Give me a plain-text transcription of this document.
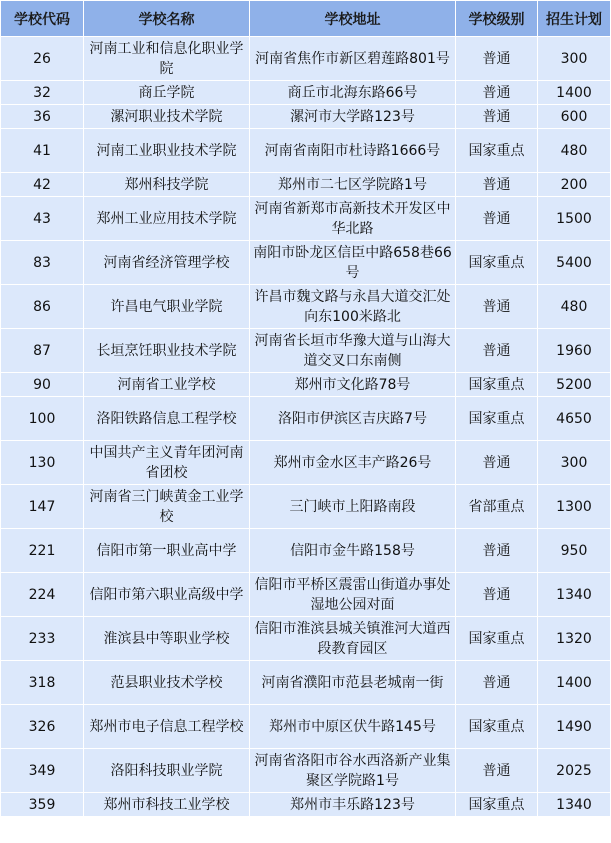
学校代码	学校名称	学校地址	学校级别	招生计划
26	河南工业和信息化职业学院	河南省焦作市新区碧莲路801号	普通	300
32	商丘学院	商丘市北海东路66号	普通	1400
36	漯河职业技术学院	漯河市大学路123号	普通	600
41	河南工业职业技术学院	河南省南阳市杜诗路1666号	国家重点	480
42	郑州科技学院	郑州市二七区学院路1号	普通	200
43	郑州工业应用技术学院	河南省新郑市高新技术开发区中华北路	普通	1500
83	河南省经济管理学校	南阳市卧龙区信臣中路658巷66号	国家重点	5400
86	许昌电气职业学院	许昌市魏文路与永昌大道交汇处向东100米路北	普通	480
87	长垣烹饪职业技术学院	河南省长垣市华豫大道与山海大道交叉口东南侧	普通	1960
90	河南省工业学校	郑州市文化路78号	国家重点	5200
100	洛阳铁路信息工程学校	洛阳市伊滨区吉庆路7号	国家重点	4650
130	中国共产主义青年团河南省团校	郑州市金水区丰产路26号	普通	300
147	河南省三门峡黄金工业学校	三门峡市上阳路南段	省部重点	1300
221	信阳市第一职业高中学	信阳市金牛路158号	普通	950
224	信阳市第六职业高级中学	信阳市平桥区震雷山街道办事处湿地公园对面	普通	1340
233	淮滨县中等职业学校	信阳市淮滨县城关镇淮河大道西段教育园区	国家重点	1320
318	范县职业技术学校	河南省濮阳市范县老城南一街	普通	1400
326	郑州市电子信息工程学校	郑州市中原区伏牛路145号	国家重点	1490
349	洛阳科技职业学院	河南省洛阳市谷水西洛新产业集聚区学院路1号	普通	2025
359	郑州市科技工业学校	郑州市丰乐路123号	国家重点	1340
